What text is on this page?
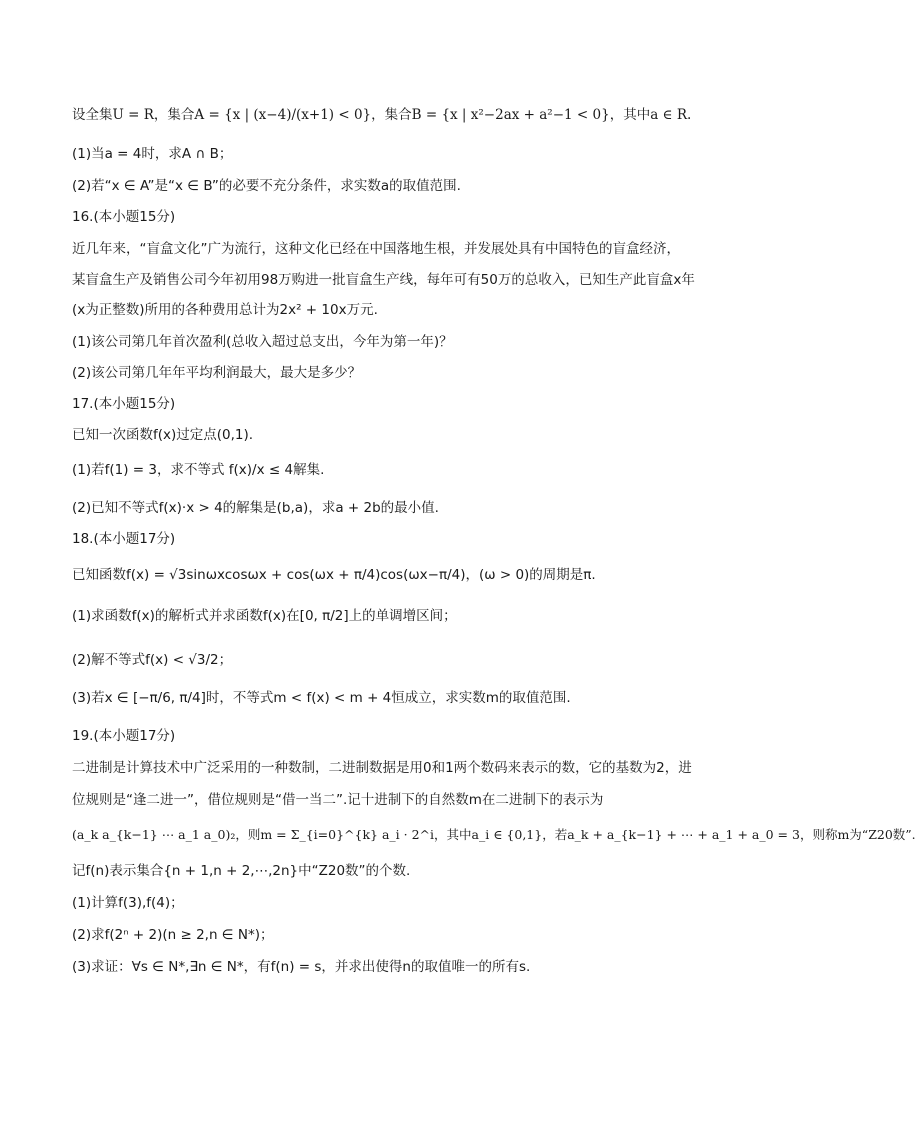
设全集U = R，集合A = {x | (x−4)/(x+1) < 0}，集合B = {x | x²−2ax + a²−1 < 0}，其中a ∈ R.
(1)当a = 4时，求A ∩ B；
(2)若“x ∈ A”是“x ∈ B”的必要不充分条件，求实数a的取值范围.
16.(本小题15分)
近几年来，“盲盒文化”广为流行，这种文化已经在中国落地生根，并发展处具有中国特色的盲盒经济，
某盲盒生产及销售公司今年初用98万购进一批盲盒生产线，每年可有50万的总收入，已知生产此盲盒x年
(x为正整数)所用的各种费用总计为2x² + 10x万元.
(1)该公司第几年首次盈利(总收入超过总支出，今年为第一年)？
(2)该公司第几年年平均利润最大，最大是多少？
17.(本小题15分)
已知一次函数f(x)过定点(0,1).
(1)若f(1) = 3，求不等式 f(x)/x ≤ 4解集.
(2)已知不等式f(x)·x > 4的解集是(b,a)，求a + 2b的最小值.
18.(本小题17分)
已知函数f(x) = √3sinωxcosωx + cos(ωx + π/4)cos(ωx−π/4)，(ω > 0)的周期是π.
(1)求函数f(x)的解析式并求函数f(x)在[0, π/2]上的单调增区间；
(2)解不等式f(x) < √3/2；
(3)若x ∈ [−π/6, π/4]时，不等式m < f(x) < m + 4恒成立，求实数m的取值范围.
19.(本小题17分)
二进制是计算技术中广泛采用的一种数制，二进制数据是用0和1两个数码来表示的数，它的基数为2，进
位规则是“逢二进一”，借位规则是“借一当二”.记十进制下的自然数m在二进制下的表示为
(a_k a_{k−1} ⋯ a_1 a_0)₂，则m = Σ_{i=0}^{k} a_i · 2^i，其中a_i ∈ {0,1}，若a_k + a_{k−1} + ⋯ + a_1 + a_0 = 3，则称m为“Z20数”.
记f(n)表示集合{n + 1,n + 2,⋯,2n}中“Z20数”的个数.
(1)计算f(3),f(4)；
(2)求f(2ⁿ + 2)(n ≥ 2,n ∈ N*)；
(3)求证：∀s ∈ N*,∃n ∈ N*，有f(n) = s，并求出使得n的取值唯一的所有s.
